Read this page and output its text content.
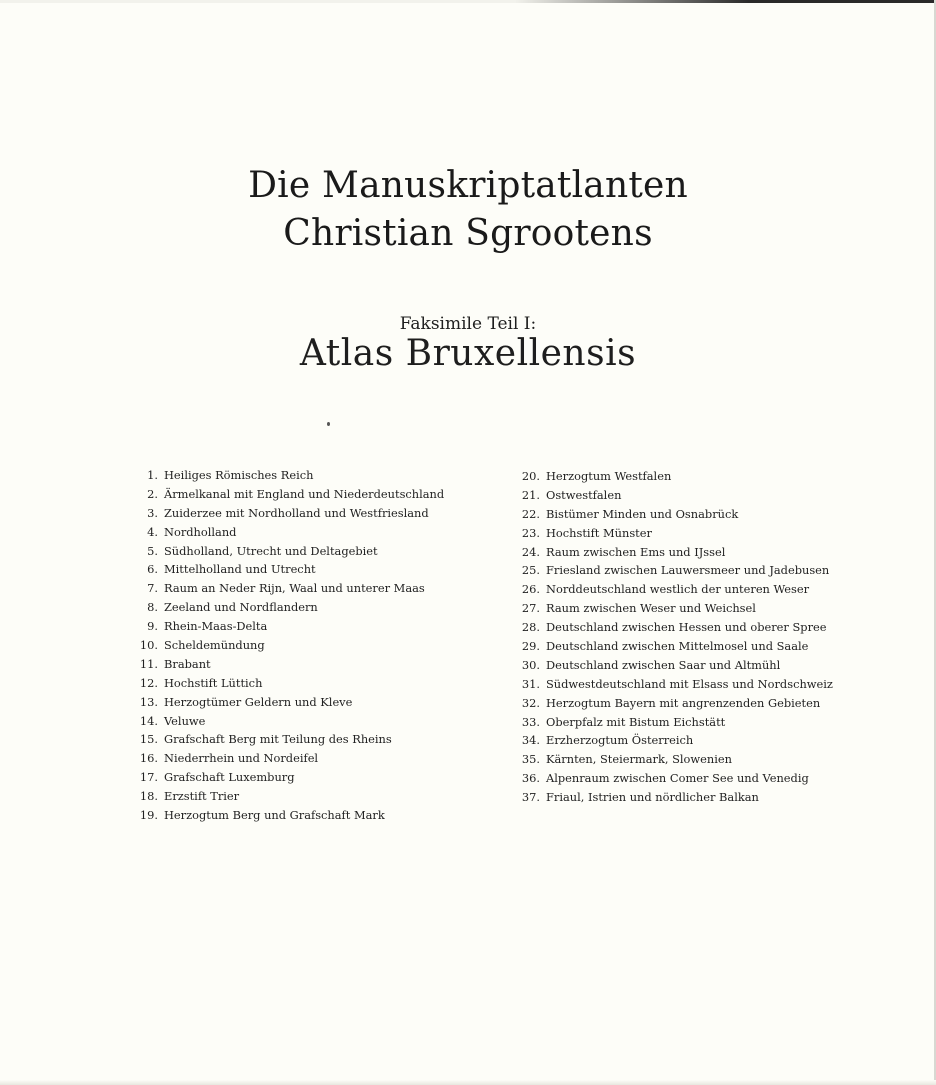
Die Manuskriptatlanten
Christian Sgrootens
Faksimile Teil I:
Atlas Bruxellensis
1. Heiliges Römisches Reich
2. Ärmelkanal mit England und Niederdeutschland
3. Zuiderzee mit Nordholland und Westfriesland
4. Nordholland
5. Südholland, Utrecht und Deltagebiet
6. Mittelholland und Utrecht
7. Raum an Neder Rijn, Waal und unterer Maas
8. Zeeland und Nordflandern
9. Rhein-Maas-Delta
10. Scheldemündung
11. Brabant
12. Hochstift Lüttich
13. Herzogtümer Geldern und Kleve
14. Veluwe
15. Grafschaft Berg mit Teilung des Rheins
16. Niederrhein und Nordeifel
17. Grafschaft Luxemburg
18. Erzstift Trier
19. Herzogtum Berg und Grafschaft Mark
20. Herzogtum Westfalen
21. Ostwestfalen
22. Bistümer Minden und Osnabrück
23. Hochstift Münster
24. Raum zwischen Ems und IJssel
25. Friesland zwischen Lauwersmeer und Jadebusen
26. Norddeutschland westlich der unteren Weser
27. Raum zwischen Weser und Weichsel
28. Deutschland zwischen Hessen und oberer Spree
29. Deutschland zwischen Mittelmosel und Saale
30. Deutschland zwischen Saar und Altmühl
31. Südwestdeutschland mit Elsass und Nordschweiz
32. Herzogtum Bayern mit angrenzenden Gebieten
33. Oberpfalz mit Bistum Eichstätt
34. Erzherzogtum Österreich
35. Kärnten, Steiermark, Slowenien
36. Alpenraum zwischen Comer See und Venedig
37. Friaul, Istrien und nördlicher Balkan
